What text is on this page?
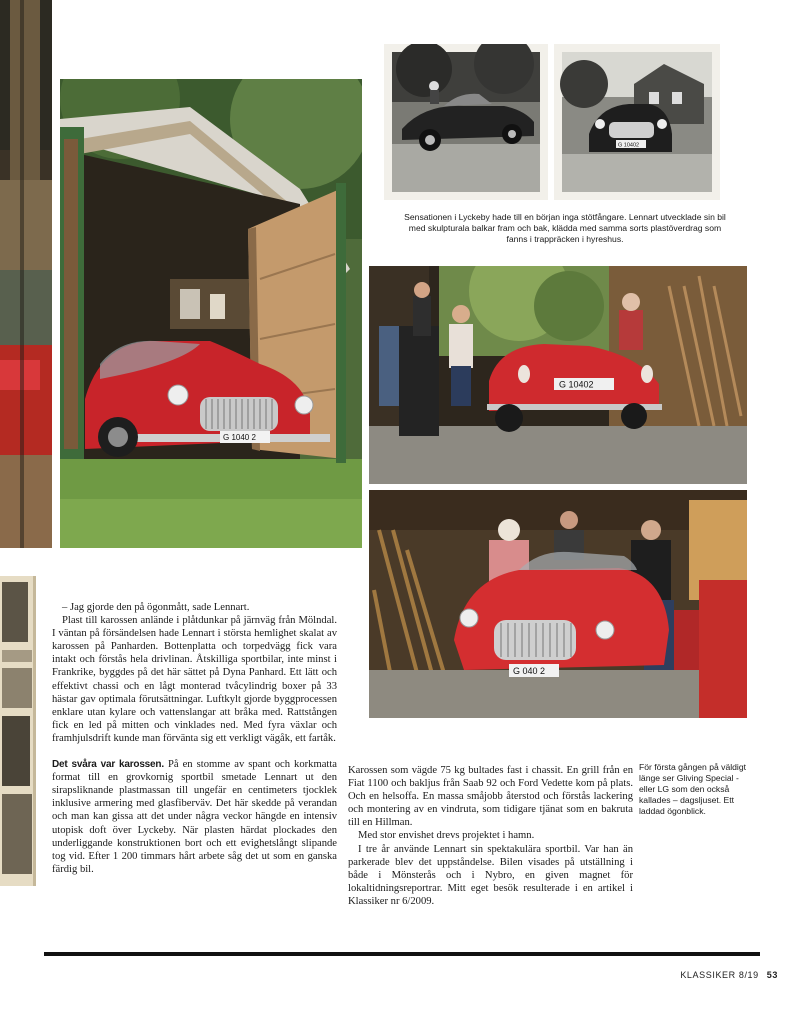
G 1040 2
G 10402
Sensationen i Lyckeby hade till en början inga stötfångare. Lennart utvecklade sin bil med skulpturala balkar fram och bak, klädda med samma sorts plastöverdrag som fanns i trappräcken i hyreshus.
G 10402
G 040 2
För första gången på väldigt länge ser Gliving Special - eller LG som den också kallades – dagsljuset. Ett laddad ögonblick.

– Jag gjorde den på ögonmått, sade Lennart.

Plast till karossen anlände i plåtdunkar på järnväg från Mölndal. I väntan på försändelsen hade Lennart i största hemlighet skalat av karossen på Panharden. Bottenplatta och torpedvägg fick vara intakt och förstås hela drivlinan. Åtskilliga sportbilar, inte minst i Frankrike, byggdes på det här sättet på Dyna Panhard. Ett lätt och effektivt chassi och en lågt monterad tvåcylindrig boxer på 33 hästar gav optimala förutsättningar. Luftkylt gjorde byggprocessen enklare utan kylare och vattenslangar att bråka med. Rattstången fick en led på mitten och vinklades ned. Med fyra växlar och framhjulsdrift kunde man förvänta sig ett verkligt vägåk, ett fartåk.

Det svåra var karossen. På en stomme av spant och korkmatta format till en grovkornig sportbil smetade Lennart ut den sirapsliknande plastmassan till ungefär en centimeters tjocklek inklusive armering med glasfiberväv. Det här skedde på verandan och man kan gissa att det under några veckor hängde en intensiv utopisk doft över Lyckeby. När plasten härdat plockades den underliggande konstruktionen bort och ett evighetslångt slipande tog vid. Efter 1 200 timmars hårt arbete såg det ut som en ganska färdig bil.

Karossen som vägde 75 kg bultades fast i chassit. En grill från en Fiat 1100 och bakljus från Saab 92 och Ford Vedette kom på plats. Och en helsoffa. En massa småjobb återstod och förstås lackering och montering av en vindruta, som tidigare tjänat som en bakruta till en Hillman.

Med stor envishet drevs projektet i hamn.

I tre år använde Lennart sin spektakulära sportbil. Var han än parkerade blev det uppståndelse. Bilen visades på utställning i både i Mönsterås och i Nybro, en given magnet för lokaltidningsreportrar. Mitt eget besök resulterade i en artikel i Klassiker nr 6/2009.

KLASSIKER 8/19 53
